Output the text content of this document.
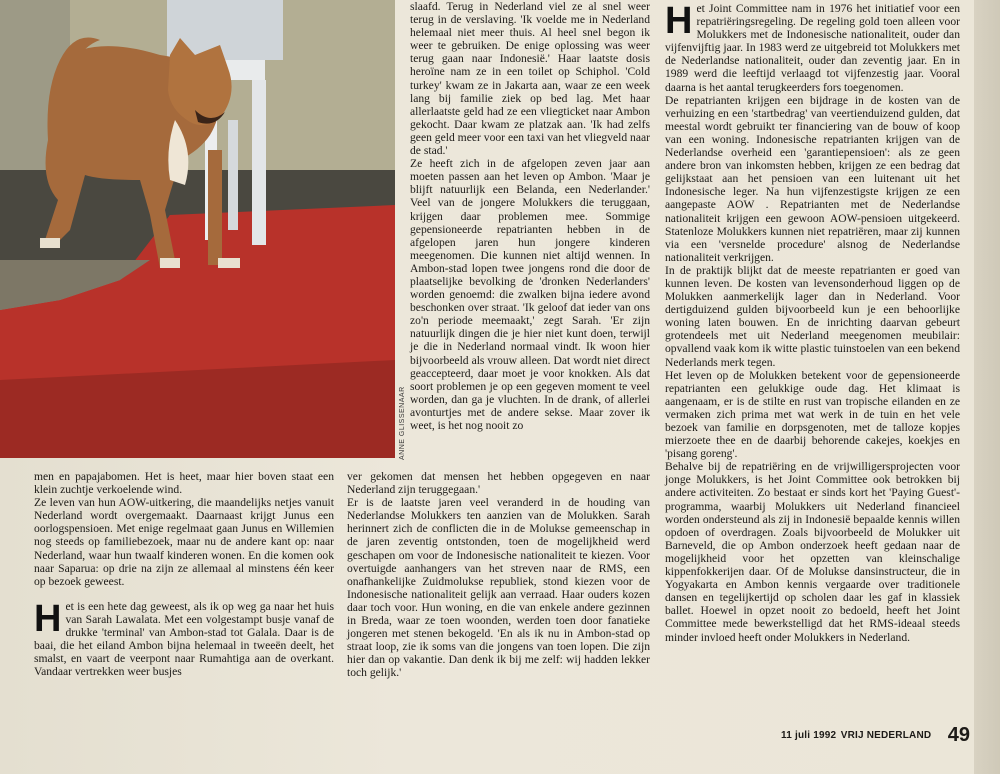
ANNE GLISSENAAR

slaafd. Terug in Nederland viel ze al snel weer terug in de verslaving. 'Ik voelde me in Nederland helemaal niet meer thuis. Al heel snel begon ik weer te gebruiken. De enige oplossing was weer terug gaan naar Indonesië.' Haar laatste dosis heroïne nam ze in een toilet op Schiphol. 'Cold turkey' kwam ze in Jakarta aan, waar ze een week lang bij familie ziek op bed lag. Met haar allerlaatste geld had ze een vliegticket naar Ambon gekocht. Daar kwam ze platzak aan. 'Ik had zelfs geen geld meer voor een taxi van het vliegveld naar de stad.'

Ze heeft zich in de afgelopen zeven jaar aan moeten passen aan het leven op Ambon. 'Maar je blijft natuurlijk een Belanda, een Nederlander.' Veel van de jongere Molukkers die teruggaan, krijgen daar problemen mee. Sommige gepensioneerde repatrianten hebben in de afgelopen jaren hun jongere kinderen meegenomen. Die kunnen niet altijd wennen. In Ambon-stad lopen twee jongens rond die door de plaatselijke bevolking de 'dronken Nederlanders' worden genoemd: die zwalken bijna iedere avond beschonken over straat. 'Ik geloof dat ieder van ons zo'n periode meemaakt,' zegt Sarah. 'Er zijn natuurlijk dingen die je hier niet kunt doen, terwijl je die in Nederland normaal vindt. Ik woon hier bijvoorbeeld als vrouw alleen. Dat wordt niet direct geaccepteerd, daar moet je voor knokken. Als dat soort problemen je op een gegeven moment te veel worden, dan ga je vluchten. In de drank, of allerlei avonturtjes met de andere sekse. Maar zover ik weet, is het nog nooit zo

Het Joint Committee nam in 1976 het initiatief voor een repatriëringsregeling. De regeling gold toen alleen voor Molukkers met de Indonesische nationaliteit, ouder dan vijfenvijftig jaar. In 1983 werd ze uitgebreid tot Molukkers met de Nederlandse nationaliteit, ouder dan zeventig jaar. En in 1989 werd die leeftijd verlaagd tot vijfenzestig jaar. Vooral daarna is het aantal terugkeerders fors toegenomen.

De repatrianten krijgen een bijdrage in de kosten van de verhuizing en een 'startbedrag' van veertienduizend gulden, dat meestal wordt gebruikt ter financiering van de bouw of koop van een woning. Indonesische repatrianten krijgen van de Nederlandse overheid een 'garantiepensioen': als ze geen andere bron van inkomsten hebben, krijgen ze een bedrag dat gelijkstaat aan het pensioen van een luitenant uit het Indonesische leger. Na hun vijfenzestigste krijgen ze een aangepaste AOW . Repatrianten met de Nederlandse nationaliteit krijgen een gewoon AOW-pensioen uitgekeerd. Statenloze Molukkers kunnen niet repatriëren, maar zij kunnen via een 'versnelde procedure' alsnog de Nederlandse nationaliteit verkrijgen.

In de praktijk blijkt dat de meeste repatrianten er goed van kunnen leven. De kosten van levensonderhoud liggen op de Molukken aanmerkelijk lager dan in Nederland. Voor dertigduizend gulden bijvoorbeeld kun je een behoorlijke woning laten bouwen. En de inrichting daarvan gebeurt grotendeels met uit Nederland meegenomen meubilair: opvallend vaak kom ik witte plastic tuinstoelen van een bekend Nederlands merk tegen.

Het leven op de Molukken betekent voor de gepensioneerde repatrianten een gelukkige oude dag. Het klimaat is aangenaam, er is de stilte en rust van tropische eilanden en ze vermaken zich prima met wat werk in de tuin en het vele bezoek van familie en dorpsgenoten, met de talloze kopjes mierzoete thee en de daarbij behorende cakejes, koekjes en 'pisang goreng'.

Behalve bij de repatriëring en de vrijwilligersprojecten voor jonge Molukkers, is het Joint Committee ook betrokken bij andere activiteiten. Zo bestaat er sinds kort het 'Paying Guest'-programma, waarbij Molukkers uit Nederland financieel worden ondersteund als zij in Indonesië bepaalde kennis willen opdoen of overdragen. Zoals bijvoorbeeld de Molukker uit Barneveld, die op Ambon onderzoek heeft gedaan naar de mogelijkheid voor het opzetten van kleinschalige kippenfokkerijen daar. Of de Molukse dansinstructeur, die in Yogyakarta en Ambon kennis vergaarde over traditionele dansen en tegelijkertijd op scholen daar les gaf in klassiek ballet. Hoewel in opzet nooit zo bedoeld, heeft het Joint Committee mede bewerkstelligd dat het RMS-ideaal steeds minder invloed heeft onder Molukkers in Nederland.

men en papajabomen. Het is heet, maar hier boven staat een klein zuchtje verkoelende wind.

Ze leven van hun AOW-uitkering, die maandelijks netjes vanuit Nederland wordt overgemaakt. Daarnaast krijgt Junus een oorlogspensioen. Met enige regelmaat gaan Junus en Willemien nog steeds op familiebezoek, maar nu de andere kant op: naar Nederland, waar hun twaalf kinderen wonen. En die komen ook naar Saparua: op drie na zijn ze allemaal al minstens één keer op bezoek geweest.

Het is een hete dag geweest, als ik op weg ga naar het huis van Sarah Lawalata. Met een volgestampt busje vanaf de drukke 'terminal' van Ambon-stad tot Galala. Daar is de baai, die het eiland Ambon bijna helemaal in tweeën deelt, het smalst, en vaart de veerpont naar Rumahtiga aan de overkant. Vandaar vertrekken weer busjes

ver gekomen dat mensen het hebben opgegeven en naar Nederland zijn teruggegaan.'

Er is de laatste jaren veel veranderd in de houding van Nederlandse Molukkers ten aanzien van de Molukken. Sarah herinnert zich de conflicten die in de Molukse gemeenschap in de jaren zeventig ontstonden, toen de mogelijkheid werd geschapen om voor de Indonesische nationaliteit te kiezen. Voor overtuigde aanhangers van het streven naar de RMS, een onafhankelijke Zuidmolukse republiek, stond kiezen voor de Indonesische nationaliteit gelijk aan verraad. Haar ouders kozen daar toch voor. Hun woning, en die van enkele andere gezinnen in Breda, waar ze toen woonden, werden toen door fanatieke jongeren met stenen bekogeld. 'En als ik nu in Ambon-stad op straat loop, zie ik soms van die jongens van toen lopen. Die zijn hier dan op vakantie. Dan denk ik bij me zelf: wij hadden lekker toch gelijk.'

11 juli 1992 VRIJ NEDERLAND 49
